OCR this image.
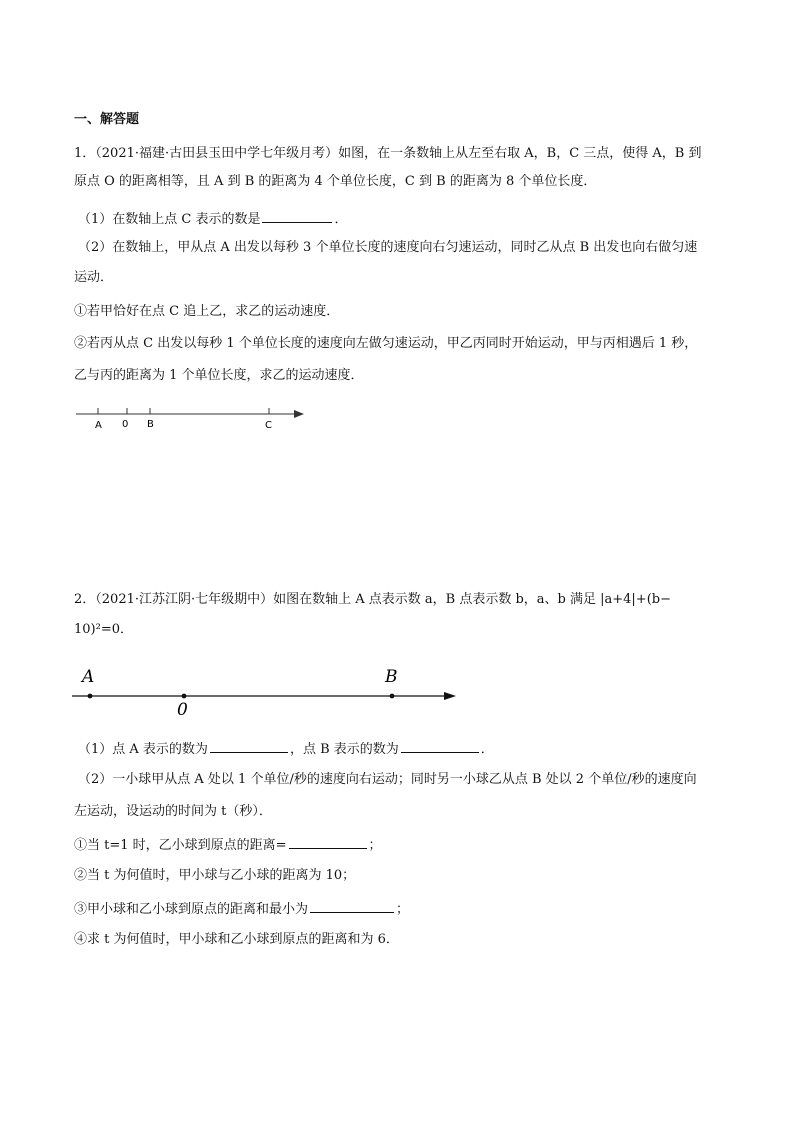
一、解答题
1．（2021·福建·古田县玉田中学七年级月考）如图，在一条数轴上从左至右取 A，B，C 三点，使得 A，B 到
原点 O 的距离相等，且 A 到 B 的距离为 4 个单位长度，C 到 B 的距离为 8 个单位长度．
（1）在数轴上点 C 表示的数是	．
（2）在数轴上，甲从点 A 出发以每秒 3 个单位长度的速度向右匀速运动，同时乙从点 B 出发也向右做匀速
运动．
①若甲恰好在点 C 追上乙，求乙的运动速度．
②若丙从点 C 出发以每秒 1 个单位长度的速度向左做匀速运动，甲乙丙同时开始运动，甲与丙相遇后 1 秒，
乙与丙的距离为 1 个单位长度，求乙的运动速度．
A 0 B	C
2．（2021·江苏江阴·七年级期中）如图在数轴上 A 点表示数 a，B 点表示数 b，a、b 满足 |a+4|+(b−
10)²=0．
A	B
0
（1）点 A 表示的数为	，点 B 表示的数为	．
（2）一小球甲从点 A 处以 1 个单位/秒的速度向右运动；同时另一小球乙从点 B 处以 2 个单位/秒的速度向
左运动，设运动的时间为 t（秒）．
①当 t=1 时，乙小球到原点的距离=	；
②当 t 为何值时，甲小球与乙小球的距离为 10；
③甲小球和乙小球到原点的距离和最小为	；
④求 t 为何值时，甲小球和乙小球到原点的距离和为 6．
